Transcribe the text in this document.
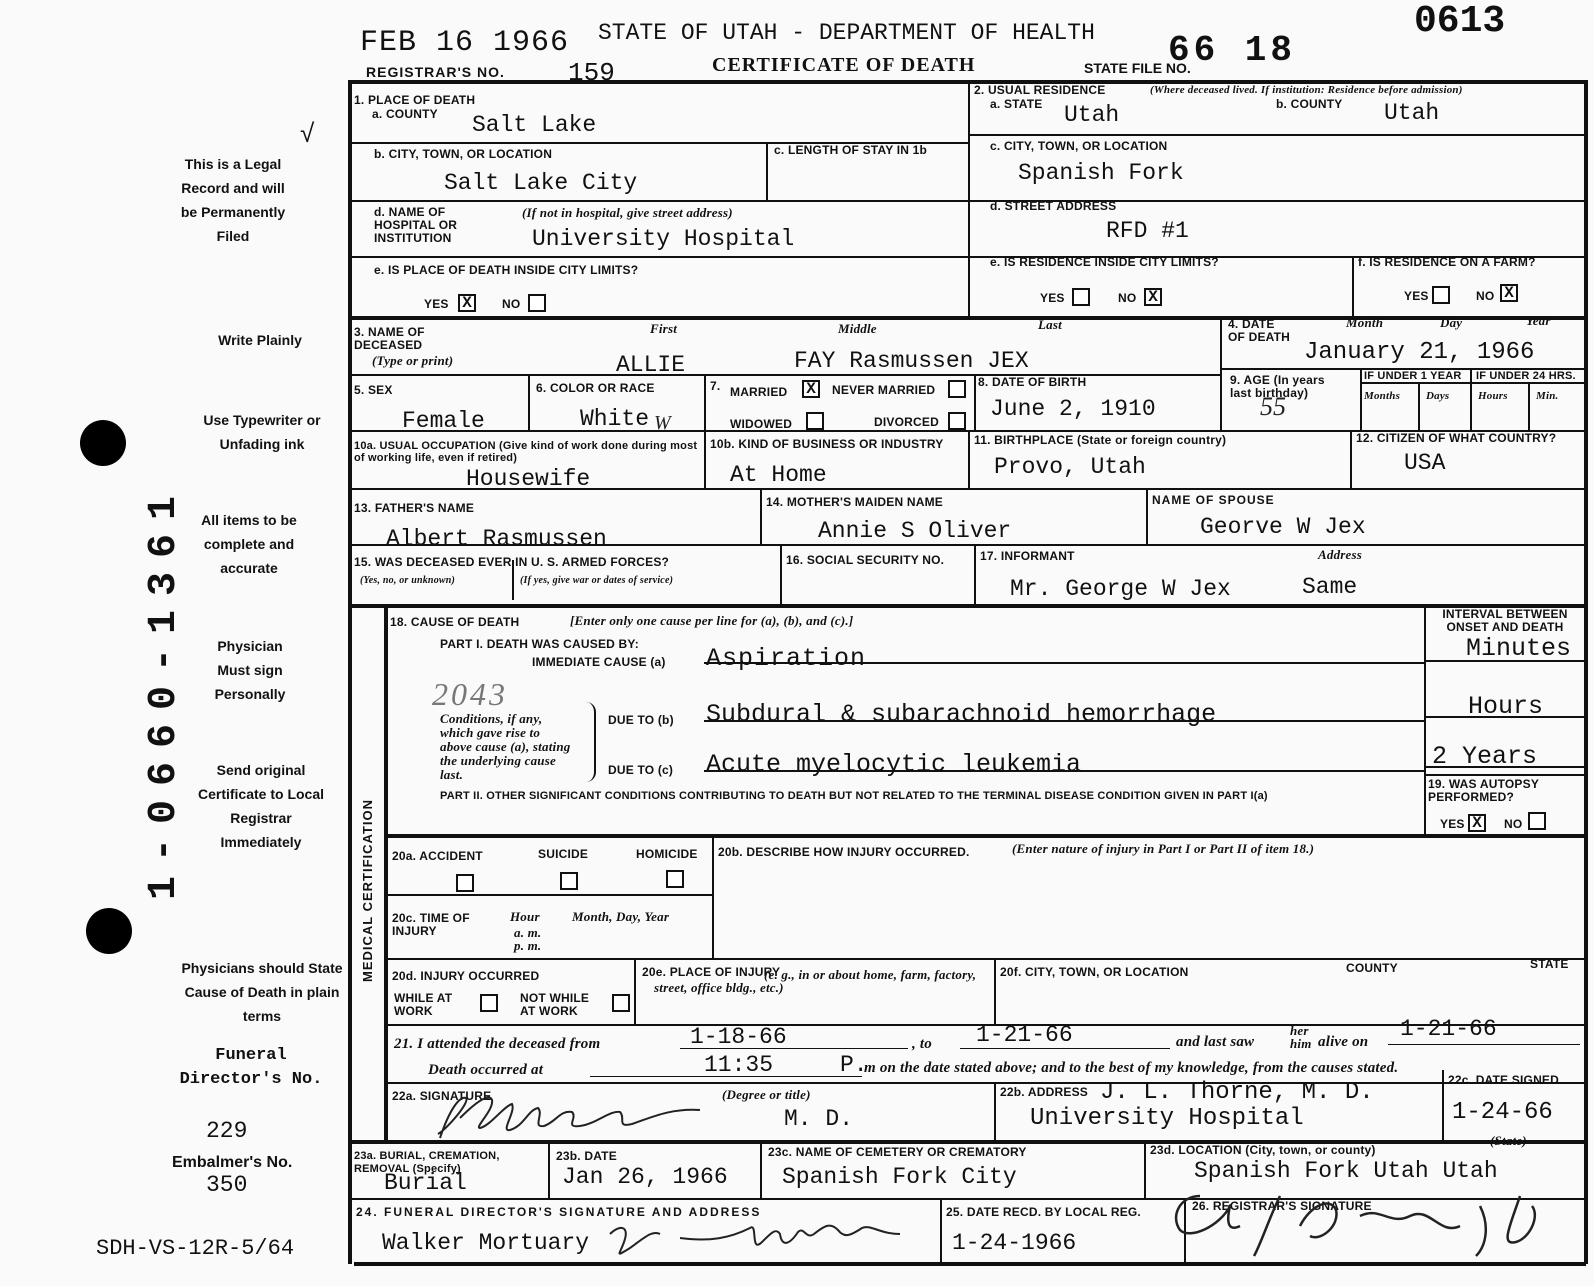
FEB 16 1966 STATE OF UTAH - DEPARTMENT OF HEALTH	0613
REGISTRAR'S NO. 159	CERTIFICATE OF DEATH	STATE FILE NO.
66 18
√
This is a Legal Record and will be Permanently Filed
Write Plainly
Use Typewriter or Unfading ink
All items to be complete and accurate
Physician Must sign Personally
Send original Certificate to Local Registrar Immediately
Physicians should State Cause of Death in plain terms
Funeral Director's No.
229
Embalmer's No.
350
SDH-VS-12R-5/64
1-0660-1361
1. PLACE OF DEATH
a. COUNTY Salt Lake
b. CITY, TOWN, OR LOCATION
Salt Lake City
c. LENGTH OF STAY IN 1b
d. NAME OF HOSPITAL OR INSTITUTION
(If not in hospital, give street address)
University Hospital
e. IS PLACE OF DEATH INSIDE CITY LIMITS?
YES X	NO
2. USUAL RESIDENCE	(Where deceased lived. If institution: Residence before admission)
a. STATE Utah	b. COUNTY Utah
c. CITY, TOWN, OR LOCATION
Spanish Fork
d. STREET ADDRESS
RFD #1
e. IS RESIDENCE INSIDE CITY LIMITS?
YES	NO X
f. IS RESIDENCE ON A FARM?
YES	NO X
3. NAME OF DECEASED
(Type or print)
First	Middle	Last
ALLIE	FAY Rasmussen JEX
4. DATE OF DEATH
Month	Day	Year
January 21, 1966
5. SEX
Female
6. COLOR OR RACE
White W
7. MARRIED X	NEVER MARRIED
WIDOWED	DIVORCED
8. DATE OF BIRTH
June 2, 1910
9. AGE (In years last birthday)
55
IF UNDER 1 YEAR IF UNDER 24 HRS.
Months Days	Hours	Min.
10a. USUAL OCCUPATION (Give kind of work done during most of working life, even if retired)
Housewife
10b. KIND OF BUSINESS OR INDUSTRY
At Home
11. BIRTHPLACE (State or foreign country)
Provo, Utah
12. CITIZEN OF WHAT COUNTRY?
USA
13. FATHER'S NAME
Albert Rasmussen
14. MOTHER'S MAIDEN NAME
Annie S Oliver
NAME OF SPOUSE
Georve W Jex
15. WAS DECEASED EVER IN U. S. ARMED FORCES?
(Yes, no, or unknown)	(If yes, give war or dates of service)
16. SOCIAL SECURITY NO.	17. INFORMANT	Address
Mr. George W Jex	Same
MEDICAL CERTIFICATION
18. CAUSE OF DEATH	[Enter only one cause per line for (a), (b), and (c).]
PART I. DEATH WAS CAUSED BY:
IMMEDIATE CAUSE (a) Aspiration
2043
Conditions, if any, which gave rise to above cause (a), stating the underlying cause last.
DUE TO (b) Subdural & subarachnoid hemorrhage
DUE TO (c) Acute myelocytic leukemia
INTERVAL BETWEEN ONSET AND DEATH
Minutes
Hours
2 Years
PART II. OTHER SIGNIFICANT CONDITIONS CONTRIBUTING TO DEATH BUT NOT RELATED TO THE TERMINAL DISEASE CONDITION GIVEN IN PART I(a)
19. WAS AUTOPSY PERFORMED?
YES X	NO
20a. ACCIDENT	SUICIDE	HOMICIDE 20b. DESCRIBE HOW INJURY OCCURRED.	(Enter nature of injury in Part I or Part II of item 18.)
20c. TIME OF INJURY
Hour
a. m. p. m.
Month, Day, Year
20d. INJURY OCCURRED
WHILE AT WORK
NOT WHILE AT WORK
20e. PLACE OF INJURY
(e. g., in or about home, farm, factory, street, office bldg., etc.)
20f. CITY, TOWN, OR LOCATION	COUNTY	STATE
21. I attended the deceased from	1-18-66	, to 1-21-66	and last saw
her him alive on 1-21-66
Death occurred at	11:35	P.
m on the date stated above; and to the best of my knowledge, from the causes stated.
22a. SIGNATURE	(Degree or title)
M. D.
22b. ADDRESS J. L. Thorne, M. D.
University Hospital
22c. DATE SIGNED
1-24-66
23a. BURIAL, CREMATION, REMOVAL (Specify)
Burial
23b. DATE
Jan 26, 1966
23c. NAME OF CEMETERY OR CREMATORY
Spanish Fork City
23d. LOCATION (City, town, or county)
(State)
Spanish Fork Utah Utah
24. FUNERAL DIRECTOR'S SIGNATURE AND ADDRESS
Walker Mortuary
25. DATE RECD. BY LOCAL REG.
1-24-1966
26. REGISTRAR'S SIGNATURE
